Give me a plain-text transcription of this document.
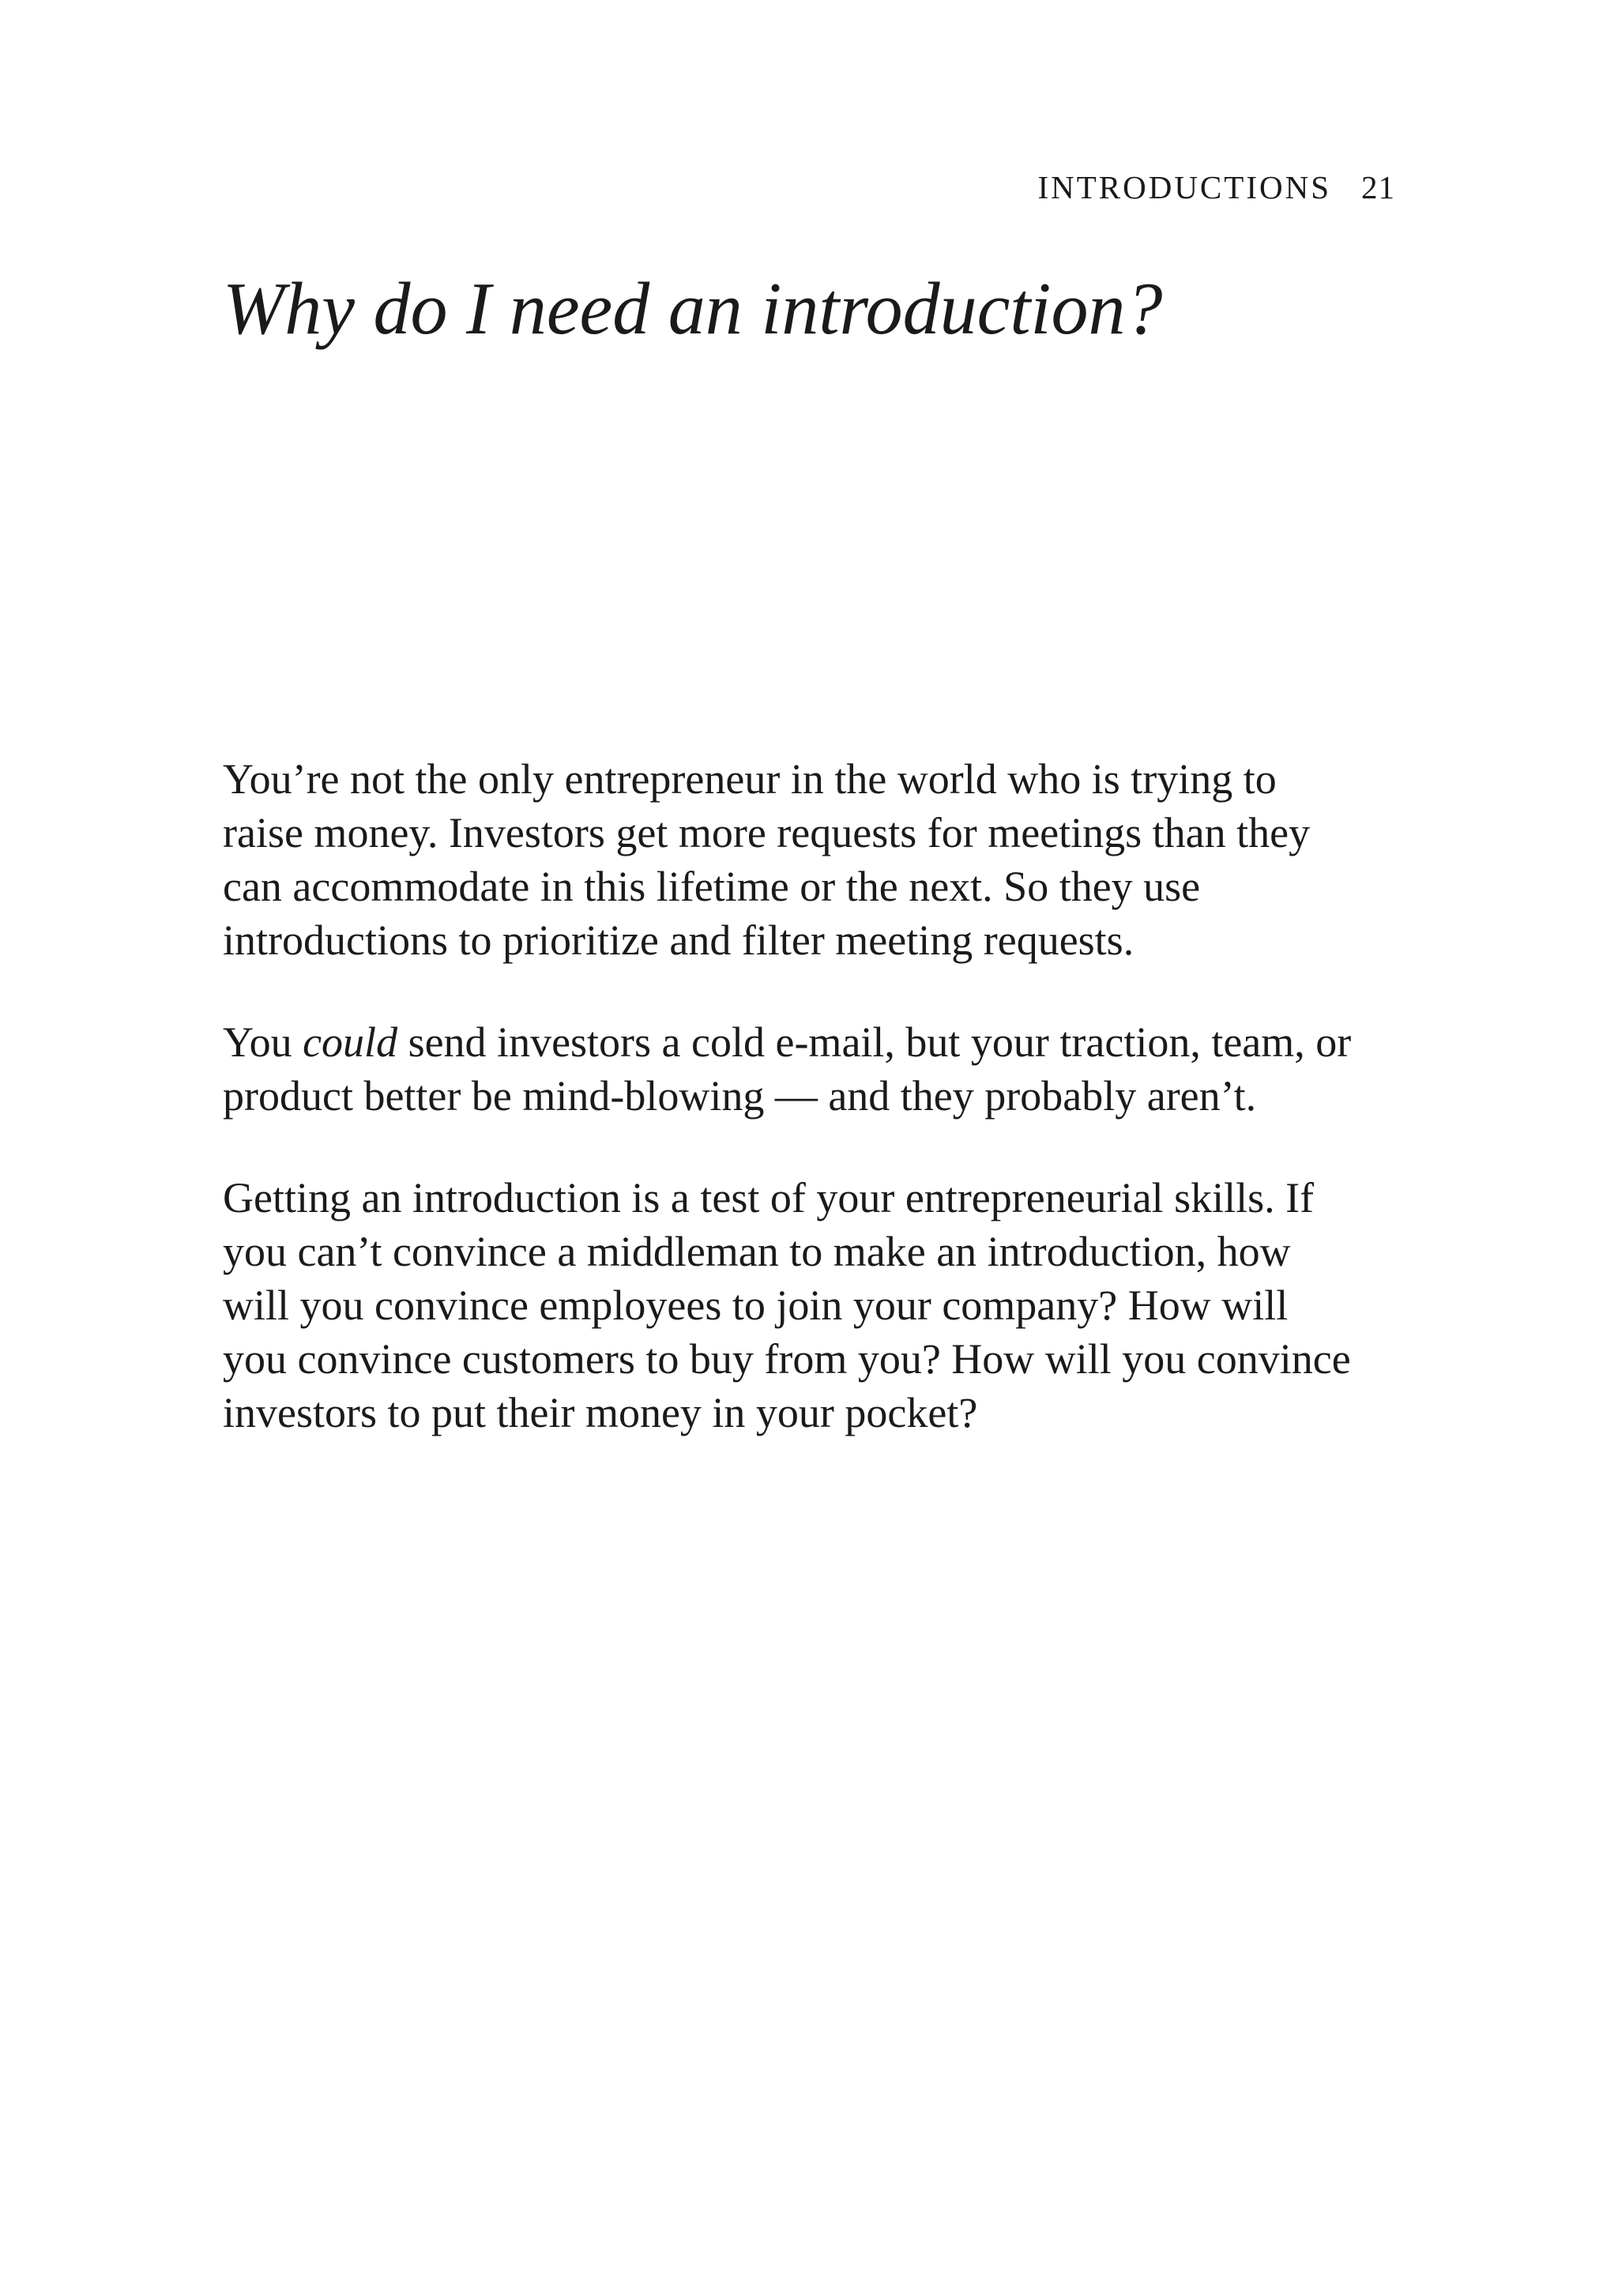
INTRODUCTIONS 21
Why do I need an introduction?

You’re not the only entrepreneur in the world who is trying to
raise money. Investors get more requests for meetings than they
can accommodate in this lifetime or the next. So they use
introductions to prioritize and filter meeting requests.

You could send investors a cold e-mail, but your traction, team, or
product better be mind-blowing — and they probably aren’t.

Getting an introduction is a test of your entrepreneurial skills. If
you can’t convince a middleman to make an introduction, how
will you convince employees to join your company? How will
you convince customers to buy from you? How will you convince
investors to put their money in your pocket?
